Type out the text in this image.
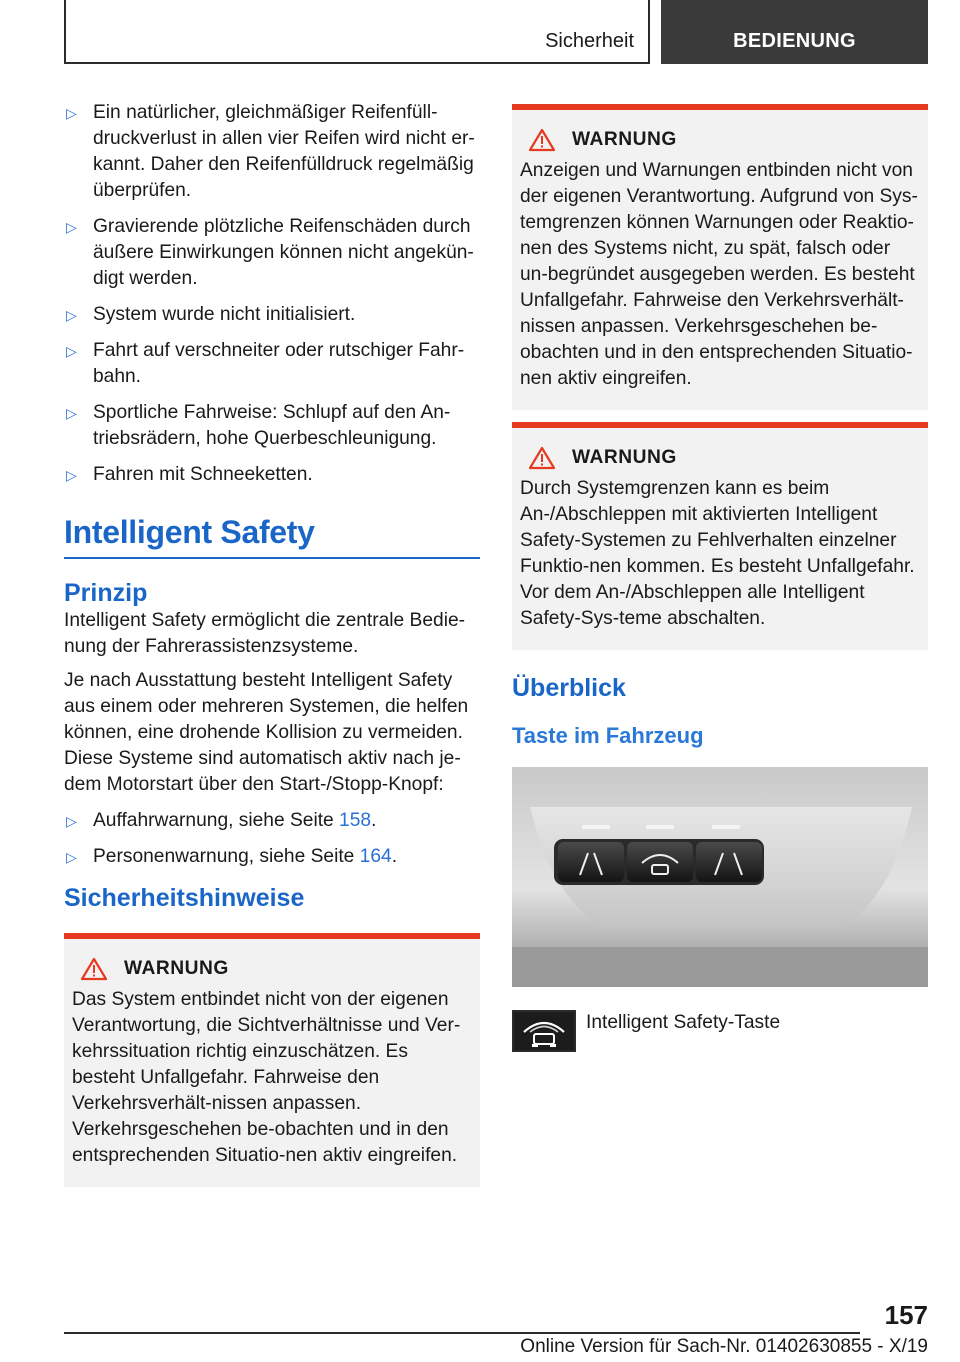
Sicherheit	BEDIENUNG
▷ Ein natürlicher, gleichmäßiger Reifenfüll-druckverlust in allen vier Reifen wird nicht er-kannt. Daher den Reifenfülldruck regelmäßig überprüfen.
▷ Gravierende plötzliche Reifenschäden durch äußere Einwirkungen können nicht angekün-digt werden.
▷ System wurde nicht initialisiert.
▷ Fahrt auf verschneiter oder rutschiger Fahr-bahn.
▷ Sportliche Fahrweise: Schlupf auf den An-triebsrädern, hohe Querbeschleunigung.
▷ Fahren mit Schneeketten.
Intelligent Safety
Prinzip

Intelligent Safety ermöglicht die zentrale Bedie-nung der Fahrerassistenzsysteme.

Je nach Ausstattung besteht Intelligent Safety aus einem oder mehreren Systemen, die helfen können, eine drohende Kollision zu vermeiden. Diese Systeme sind automatisch aktiv nach je-dem Motorstart über den Start-/Stopp-Knopf:

▷ Auffahrwarnung, siehe Seite 158.
▷ Personenwarnung, siehe Seite 164.
Sicherheitshinweise
WARNUNG
Das System entbindet nicht von der eigenen Verantwortung, die Sichtverhältnisse und Ver-kehrssituation richtig einzuschätzen. Es besteht Unfallgefahr. Fahrweise den Verkehrsverhält-nissen anpassen. Verkehrsgeschehen be-obachten und in den entsprechenden Situatio-nen aktiv eingreifen.
WARNUNG
Anzeigen und Warnungen entbinden nicht von der eigenen Verantwortung. Aufgrund von Sys-temgrenzen können Warnungen oder Reaktio-nen des Systems nicht, zu spät, falsch oder un-begründet ausgegeben werden. Es besteht Unfallgefahr. Fahrweise den Verkehrsverhält-nissen anpassen. Verkehrsgeschehen be-obachten und in den entsprechenden Situatio-nen aktiv eingreifen.
WARNUNG
Durch Systemgrenzen kann es beim An-/Abschleppen mit aktivierten Intelligent Safety-Systemen zu Fehlverhalten einzelner Funktio-nen kommen. Es besteht Unfallgefahr. Vor dem An-/Abschleppen alle Intelligent Safety-Sys-teme abschalten.
Überblick
Taste im Fahrzeug
Intelligent Safety-Taste
157
Online Version für Sach-Nr. 01402630855 - X/19
